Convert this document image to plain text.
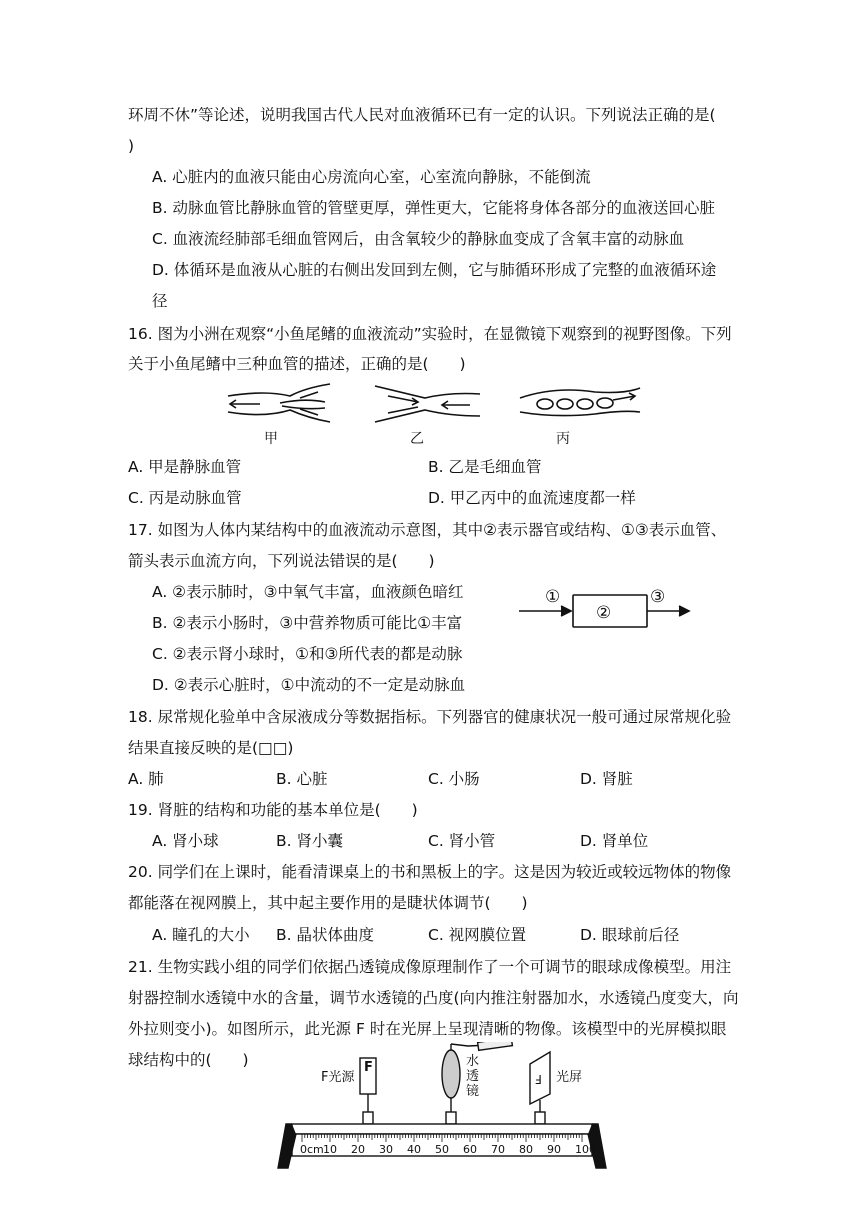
环周不休”等论述，说明我国古代人民对血液循环已有一定的认识。下列说法正确的是(
)
A. 心脏内的血液只能由心房流向心室，心室流向静脉，不能倒流
B. 动脉血管比静脉血管的管壁更厚，弹性更大，它能将身体各部分的血液送回心脏
C. 血液流经肺部毛细血管网后，由含氧较少的静脉血变成了含氧丰富的动脉血
D. 体循环是血液从心脏的右侧出发回到左侧，它与肺循环形成了完整的血液循环途
径
16. 图为小洲在观察“小鱼尾鳍的血液流动”实验时，在显微镜下观察到的视野图像。下列
关于小鱼尾鳍中三种血管的描述，正确的是(　　)
甲	乙	丙
A. 甲是静脉血管	B. 乙是毛细血管
C. 丙是动脉血管	D. 甲乙丙中的血流速度都一样
17. 如图为人体内某结构中的血液流动示意图，其中②表示器官或结构、①③表示血管、
箭头表示血流方向，下列说法错误的是(　　)
A. ②表示肺时，③中氧气丰富，血液颜色暗红
B. ②表示小肠时，③中营养物质可能比①丰富
C. ②表示肾小球时，①和③所代表的都是动脉
D. ②表示心脏时，①中流动的不一定是动脉血
①
②
③
18. 尿常规化验单中含尿液成分等数据指标。下列器官的健康状况一般可通过尿常规化验
结果直接反映的是(□□)
A. 肺	B. 心脏	C. 小肠	D. 肾脏
19. 肾脏的结构和功能的基本单位是(　　)
A. 肾小球	B. 肾小囊	C. 肾小管	D. 肾单位
20. 同学们在上课时，能看清课桌上的书和黑板上的字。这是因为较近或较远物体的物像
都能落在视网膜上，其中起主要作用的是睫状体调节(　　)
A. 瞳孔的大小 B. 晶状体曲度	C. 视网膜位置	D. 眼球前后径
21. 生物实践小组的同学们依据凸透镜成像原理制作了一个可调节的眼球成像模型。用注
射器控制水透镜中水的含量，调节水透镜的凸度(向内推注射器加水，水透镜凸度变大，向
外拉则变小)。如图所示，此光源 F 时在光屏上呈现清晰的物像。该模型中的光屏模拟眼
球结构中的(　　)
F光源
F	水透镜
光屏
F
0cm 10 20 30 40 50 60 70 80 90 100
